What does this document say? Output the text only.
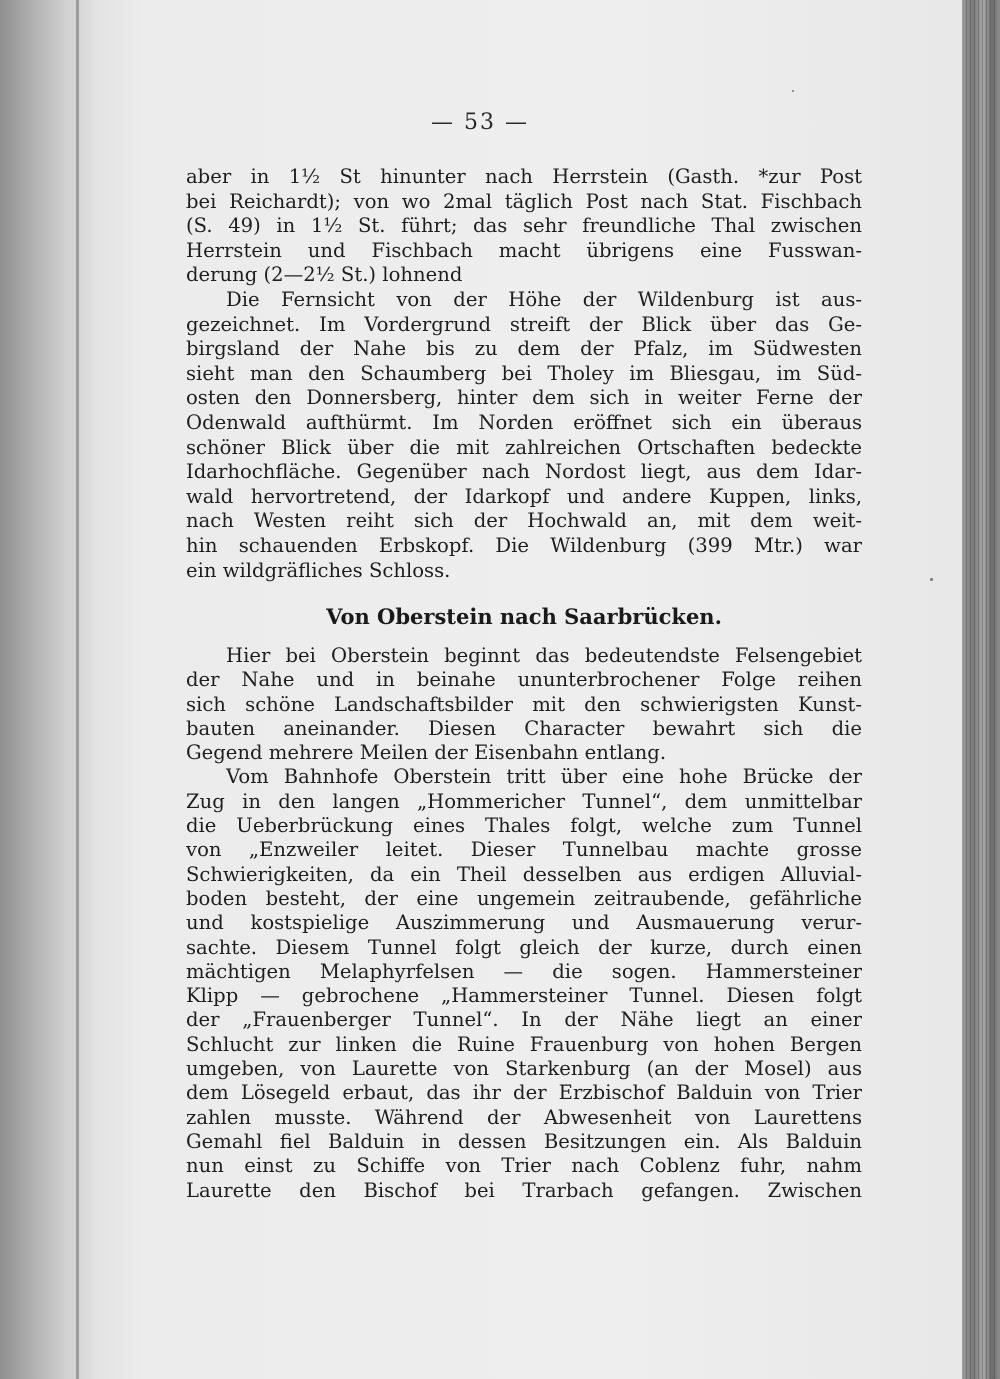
— 53 —
aber in 1½ St hinunter nach Herrstein (Gasth. *zur Post
bei Reichardt); von wo 2mal täglich Post nach Stat. Fischbach
(S. 49) in 1½ St. führt; das sehr freundliche Thal zwischen
Herrstein und Fischbach macht übrigens eine Fusswan-
derung (2—2½ St.) lohnend
Die Fernsicht von der Höhe der Wildenburg ist aus-
gezeichnet. Im Vordergrund streift der Blick über das Ge-
birgsland der Nahe bis zu dem der Pfalz, im Südwesten
sieht man den Schaumberg bei Tholey im Bliesgau, im Süd-
osten den Donnersberg, hinter dem sich in weiter Ferne der
Odenwald aufthürmt. Im Norden eröffnet sich ein überaus
schöner Blick über die mit zahlreichen Ortschaften bedeckte
Idarhochfläche. Gegenüber nach Nordost liegt, aus dem Idar-
wald hervortretend, der Idarkopf und andere Kuppen, links,
nach Westen reiht sich der Hochwald an, mit dem weit-
hin schauenden Erbskopf. Die Wildenburg (399 Mtr.) war
ein wildgräfliches Schloss.
Von Oberstein nach Saarbrücken.
Hier bei Oberstein beginnt das bedeutendste Felsengebiet
der Nahe und in beinahe ununterbrochener Folge reihen
sich schöne Landschaftsbilder mit den schwierigsten Kunst-
bauten aneinander. Diesen Character bewahrt sich die
Gegend mehrere Meilen der Eisenbahn entlang.
Vom Bahnhofe Oberstein tritt über eine hohe Brücke der
Zug in den langen „Hommericher Tunnel“, dem unmittelbar
die Ueberbrückung eines Thales folgt, welche zum Tunnel
von „Enzweiler leitet. Dieser Tunnelbau machte grosse
Schwierigkeiten, da ein Theil desselben aus erdigen Alluvial-
boden besteht, der eine ungemein zeitraubende, gefährliche
und kostspielige Auszimmerung und Ausmauerung verur-
sachte. Diesem Tunnel folgt gleich der kurze, durch einen
mächtigen Melaphyrfelsen — die sogen. Hammersteiner
Klipp — gebrochene „Hammersteiner Tunnel. Diesen folgt
der „Frauenberger Tunnel“. In der Nähe liegt an einer
Schlucht zur linken die Ruine Frauenburg von hohen Bergen
umgeben, von Laurette von Starkenburg (an der Mosel) aus
dem Lösegeld erbaut, das ihr der Erzbischof Balduin von Trier
zahlen musste. Während der Abwesenheit von Laurettens
Gemahl fiel Balduin in dessen Besitzungen ein. Als Balduin
nun einst zu Schiffe von Trier nach Coblenz fuhr, nahm
Laurette den Bischof bei Trarbach gefangen. Zwischen
